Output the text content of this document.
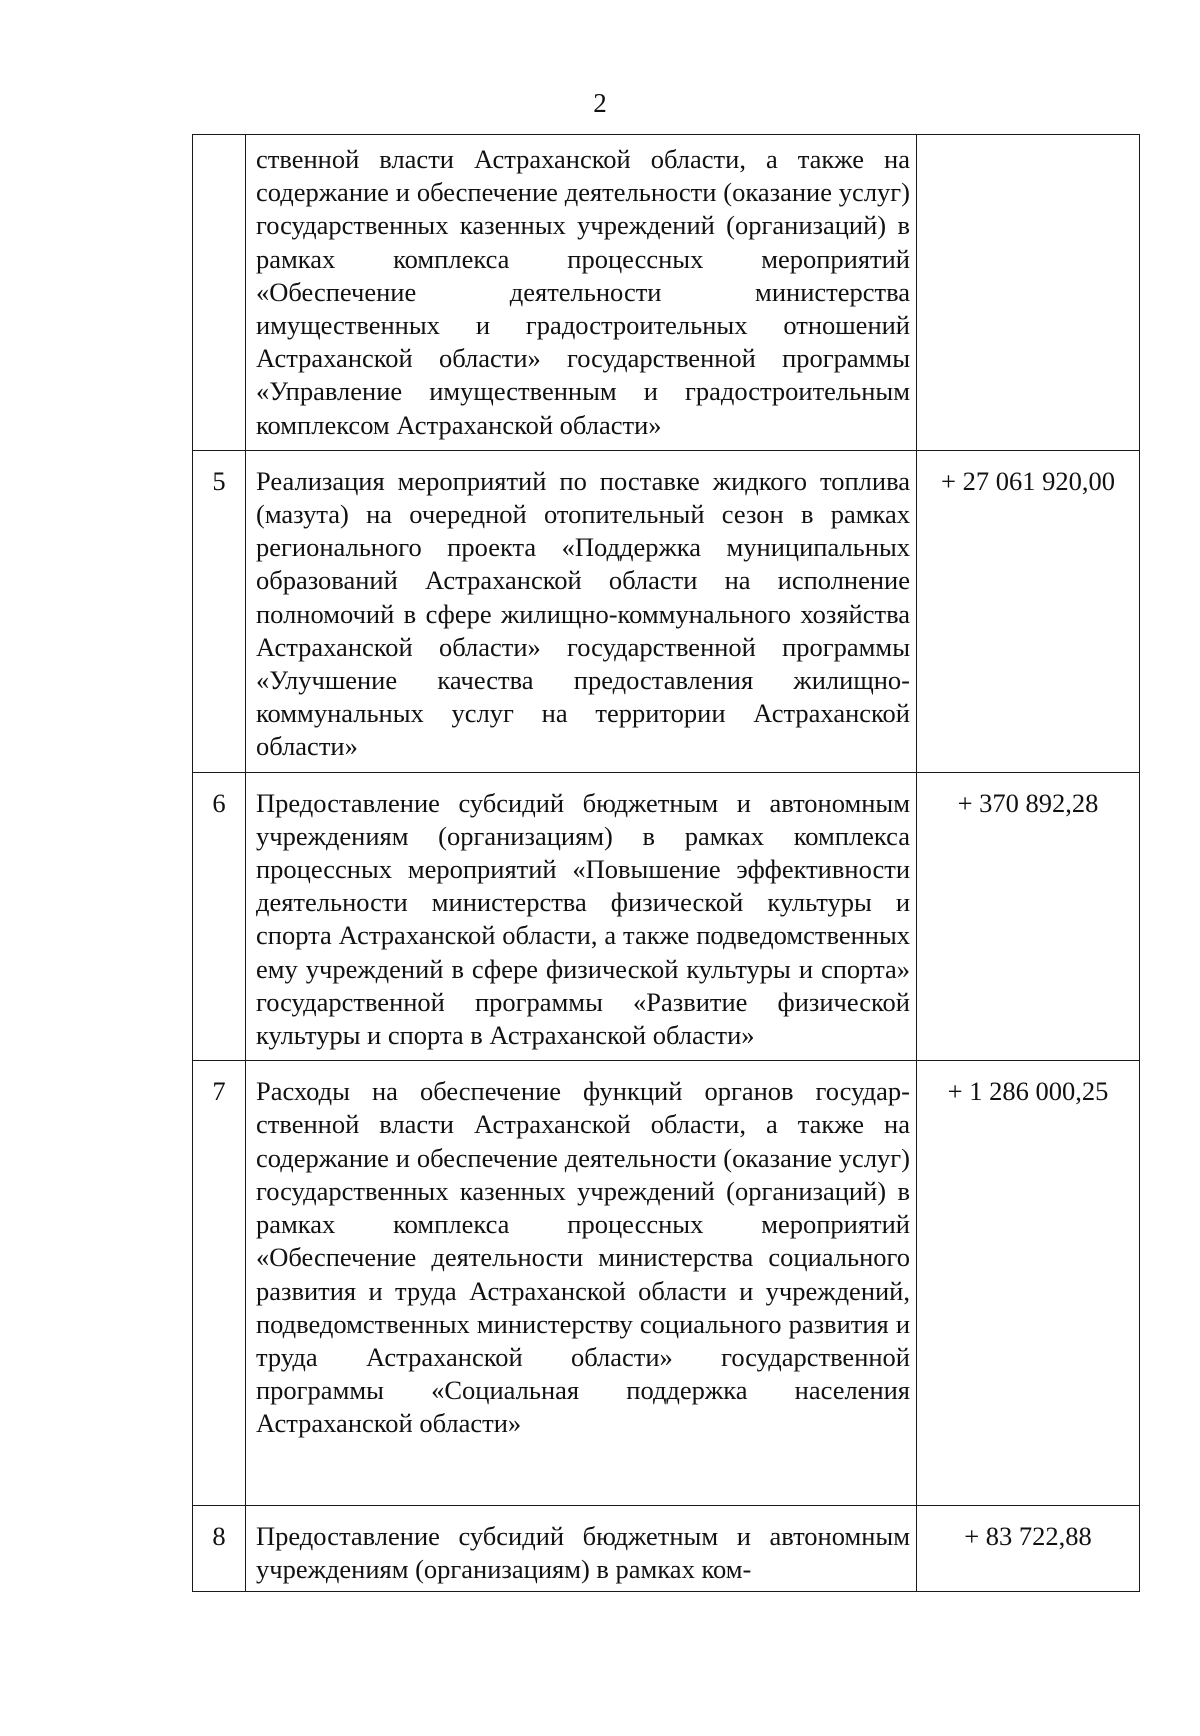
2
	ственной власти Астраханской области, а также на содержание и обеспечение деятельности (оказание услуг) государственных казенных учреждений (организаций) в рамках комплекса процессных мероприятий «Обеспечение деятельности министерства имущественных и градостроительных отношений Астраханской области» государственной программы «Управление имущественным и градостроительным комплексом Астраханской области»	
5	Реализация мероприятий по поставке жидкого топлива (мазута) на очередной отопительный сезон в рамках регионального проекта «Поддержка муниципальных образований Астраханской области на исполнение полномочий в сфере жилищно-коммунального хозяйства Астраханской области» государственной программы «Улучшение качества предоставления жилищно-коммунальных услуг на территории Астраханской области»	+ 27 061 920,00
6	Предоставление субсидий бюджетным и автономным учреждениям (организациям) в рамках комплекса процессных мероприятий «Повышение эффективности деятельности министерства физической культуры и спорта Астраханской области, а также подведомственных ему учреждений в сфере физической культуры и спорта» государственной программы «Развитие физической культуры и спорта в Астраханской области»	+ 370 892,28
7	Расходы на обеспечение функций органов государственной власти Астраханской области, а также на содержание и обеспечение деятельности (оказание услуг) государственных казенных учреждений (организаций) в рамках комплекса процессных мероприятий «Обеспечение деятельности министерства социального развития и труда Астраханской области и учреждений, подведомственных министерству социального развития и труда Астраханской области» государственной программы «Социальная поддержка населения Астраханской области»	+ 1 286 000,25
8	Предоставление субсидий бюджетным и автономным учреждениям (организациям) в рамках ком-	+ 83 722,88
